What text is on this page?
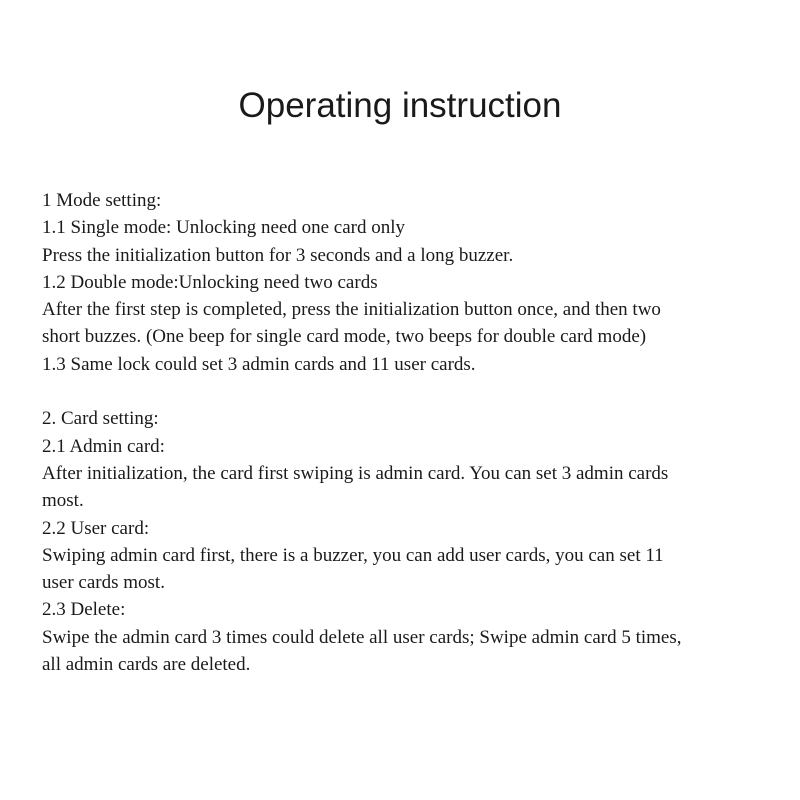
Operating instruction
1 Mode setting:
1.1 Single mode: Unlocking need one card only
Press the initialization button for 3 seconds and a long buzzer.
1.2 Double mode:Unlocking need two cards
After the first step is completed, press the initialization button once, and then two
short buzzes. (One beep for single card mode, two beeps for double card mode)
1.3 Same lock could set 3 admin cards and 11 user cards.
2. Card setting:
2.1 Admin card:
After initialization, the card first swiping is admin card. You can set 3 admin cards
most.
2.2 User card:
Swiping admin card first, there is a buzzer, you can add user cards, you can set 11
user cards most.
2.3 Delete:
Swipe the admin card 3 times could delete all user cards; Swipe admin card 5 times,
all admin cards are deleted.
